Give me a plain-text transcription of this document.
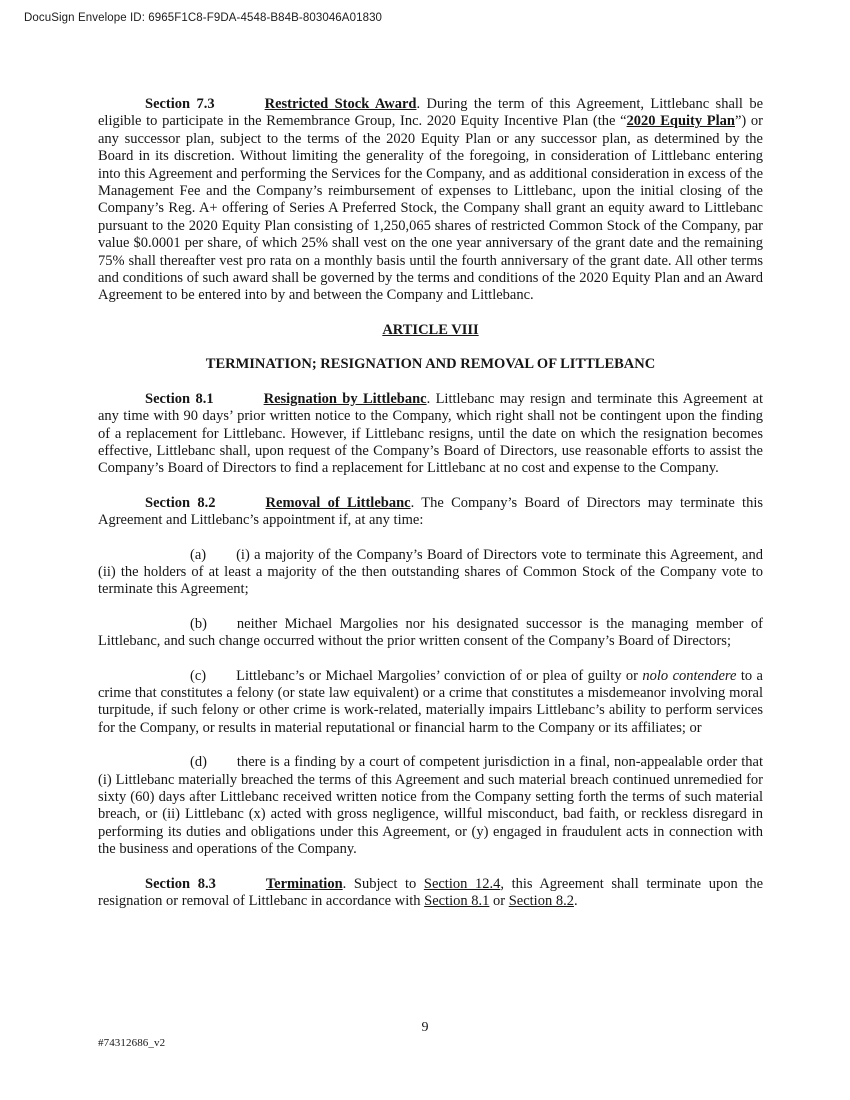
DocuSign Envelope ID: 6965F1C8-F9DA-4548-B84B-803046A01830

Section 7.3	Restricted Stock Award. During the term of this Agreement, Littlebanc shall be eligible to participate in the Remembrance Group, Inc. 2020 Equity Incentive Plan (the “2020 Equity Plan”) or any successor plan, subject to the terms of the 2020 Equity Plan or any successor plan, as determined by the Board in its discretion. Without limiting the generality of the foregoing, in consideration of Littlebanc entering into this Agreement and performing the Services for the Company, and as additional consideration in excess of the Management Fee and the Company’s reimbursement of expenses to Littlebanc, upon the initial closing of the Company’s Reg. A+ offering of Series A Preferred Stock, the Company shall grant an equity award to Littlebanc pursuant to the 2020 Equity Plan consisting of 1,250,065 shares of restricted Common Stock of the Company, par value $0.0001 per share, of which 25% shall vest on the one year anniversary of the grant date and the remaining 75% shall thereafter vest pro rata on a monthly basis until the fourth anniversary of the grant date. All other terms and conditions of such award shall be governed by the terms and conditions of the 2020 Equity Plan and an Award Agreement to be entered into by and between the Company and Littlebanc.

ARTICLE VIII

TERMINATION; RESIGNATION AND REMOVAL OF LITTLEBANC

Section 8.1	Resignation by Littlebanc. Littlebanc may resign and terminate this Agreement at any time with 90 days’ prior written notice to the Company, which right shall not be contingent upon the finding of a replacement for Littlebanc. However, if Littlebanc resigns, until the date on which the resignation becomes effective, Littlebanc shall, upon request of the Company’s Board of Directors, use reasonable efforts to assist the Company’s Board of Directors to find a replacement for Littlebanc at no cost and expense to the Company.

Section 8.2	Removal of Littlebanc. The Company’s Board of Directors may terminate this Agreement and Littlebanc’s appointment if, at any time:

(a) (i) a majority of the Company’s Board of Directors vote to terminate this Agreement, and (ii) the holders of at least a majority of the then outstanding shares of Common Stock of the Company vote to terminate this Agreement;

(b) neither Michael Margolies nor his designated successor is the managing member of Littlebanc, and such change occurred without the prior written consent of the Company’s Board of Directors;

(c) Littlebanc’s or Michael Margolies’ conviction of or plea of guilty or nolo contendere to a crime that constitutes a felony (or state law equivalent) or a crime that constitutes a misdemeanor involving moral turpitude, if such felony or other crime is work-related, materially impairs Littlebanc’s ability to perform services for the Company, or results in material reputational or financial harm to the Company or its affiliates; or

(d) there is a finding by a court of competent jurisdiction in a final, non-appealable order that (i) Littlebanc materially breached the terms of this Agreement and such material breach continued unremedied for sixty (60) days after Littlebanc received written notice from the Company setting forth the terms of such material breach, or (ii) Littlebanc (x) acted with gross negligence, willful misconduct, bad faith, or reckless disregard in performing its duties and obligations under this Agreement, or (y) engaged in fraudulent acts in connection with the business and operations of the Company.

Section 8.3	Termination. Subject to Section 12.4, this Agreement shall terminate upon the resignation or removal of Littlebanc in accordance with Section 8.1 or Section 8.2.

9
#74312686_v2
